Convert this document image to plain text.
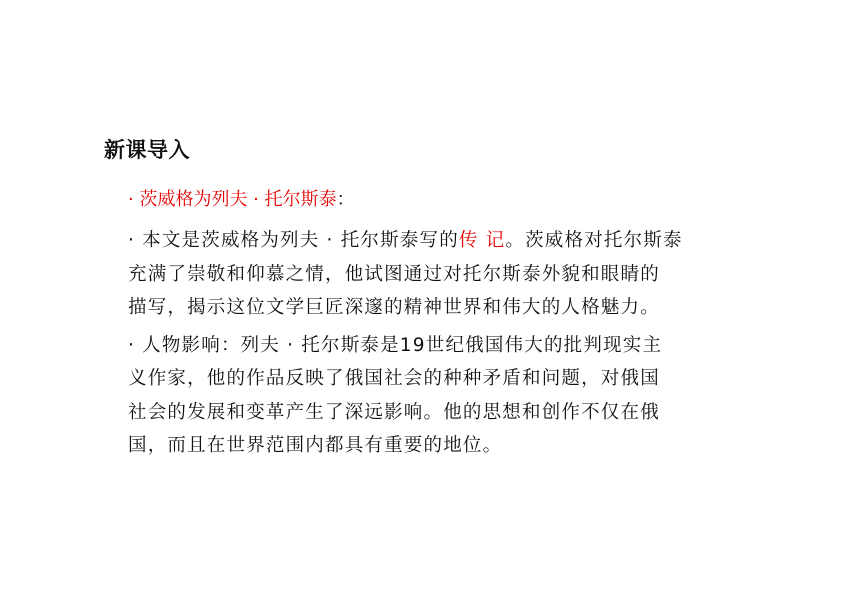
新课导入
· 茨威格为列夫 · 托尔斯泰：

· 本文是茨威格为列夫 · 托尔斯泰写的传 记。茨威格对托尔斯泰
充满了崇敬和仰慕之情，他试图通过对托尔斯泰外貌和眼睛的
描写，揭示这位文学巨匠深邃的精神世界和伟大的人格魅力。

· 人物影响：列夫 · 托尔斯泰是19世纪俄国伟大的批判现实主
义作家，他的作品反映了俄国社会的种种矛盾和问题，对俄国
社会的发展和变革产生了深远影响。他的思想和创作不仅在俄
国，而且在世界范围内都具有重要的地位。
